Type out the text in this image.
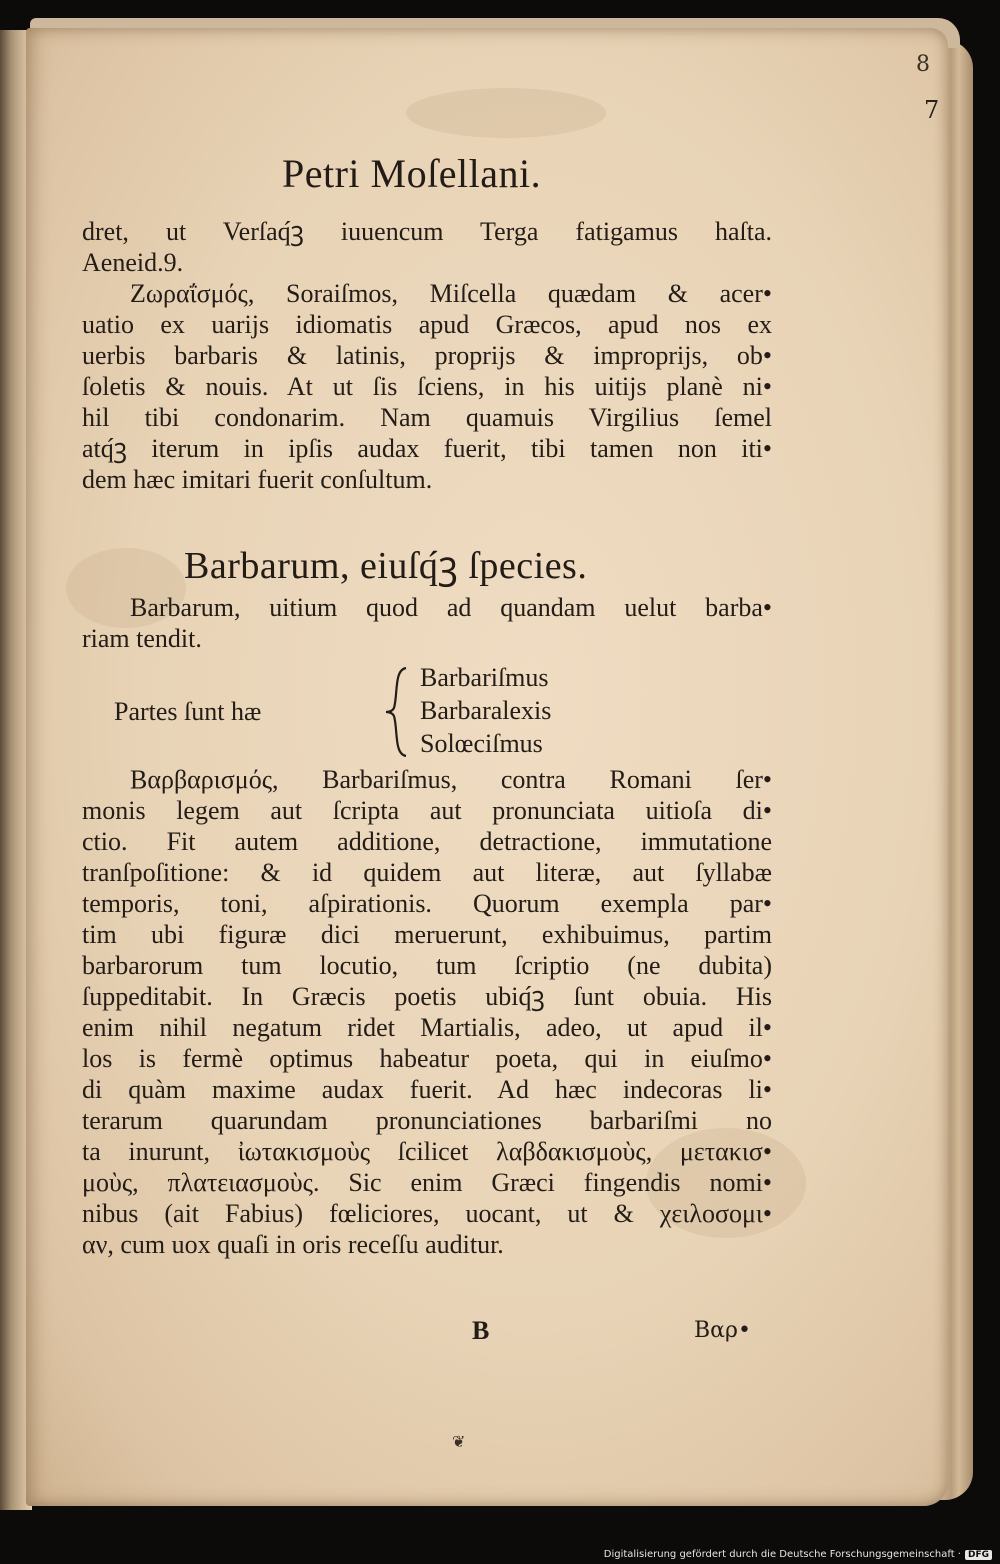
8
7
Petri Moſellani.
dret, ut Verſaq́ꝫ iuuencum Terga fatigamus haſta.
Aeneid.9.
Ζωραΐσμός, Soraiſmos, Miſcella quædam & acer•
uatio ex uarijs idiomatis apud Græcos, apud nos ex
uerbis barbaris & latinis, proprijs & improprijs, ob•
ſoletis & nouis. At ut ſis ſciens, in his uitijs planè ni•
hil tibi condonarim. Nam quamuis Virgilius ſemel
atq́ꝫ iterum in ipſis audax fuerit, tibi tamen non iti•
dem hæc imitari fuerit conſultum.
Barbarum, eiuſq́ꝫ ſpecies.
Barbarum, uitium quod ad quandam uelut barba•
riam tendit.
Partes ſunt hæ
Barbariſmus
Barbaralexis
Solœciſmus
Βαρβαρισμός, Barbariſmus, contra Romani ſer•
monis legem aut ſcripta aut pronunciata uitioſa di•
ctio. Fit autem additione, detractione, immutatione
tranſpoſitione: & id quidem aut literæ, aut ſyllabæ
temporis, toni, aſpirationis. Quorum exempla par•
tim ubi figuræ dici meruerunt, exhibuimus, partim
barbarorum tum locutio, tum ſcriptio (ne dubita)
ſuppeditabit. In Græcis poetis ubiq́ꝫ ſunt obuia. His
enim nihil negatum ridet Martialis, adeo, ut apud il•
los is fermè optimus habeatur poeta, qui in eiuſmo•
di quàm maxime audax fuerit. Ad hæc indecoras li•
terarum quarundam pronunciationes barbariſmi no
ta inurunt, ἰωτακισμοὺς ſcilicet λαβδακισμοὺς, μετακισ•
μοὺς, πλατειασμοὺς. Sic enim Græci fingendis nomi•
nibus (ait Fabius) fœliciores, uocant, ut & χειλοσομι•
αν, cum uox quaſi in oris receſſu auditur.
B	Βαρ•
❦
Digitalisierung gefördert durch die Deutsche Forschungsgemeinschaft · DFG
